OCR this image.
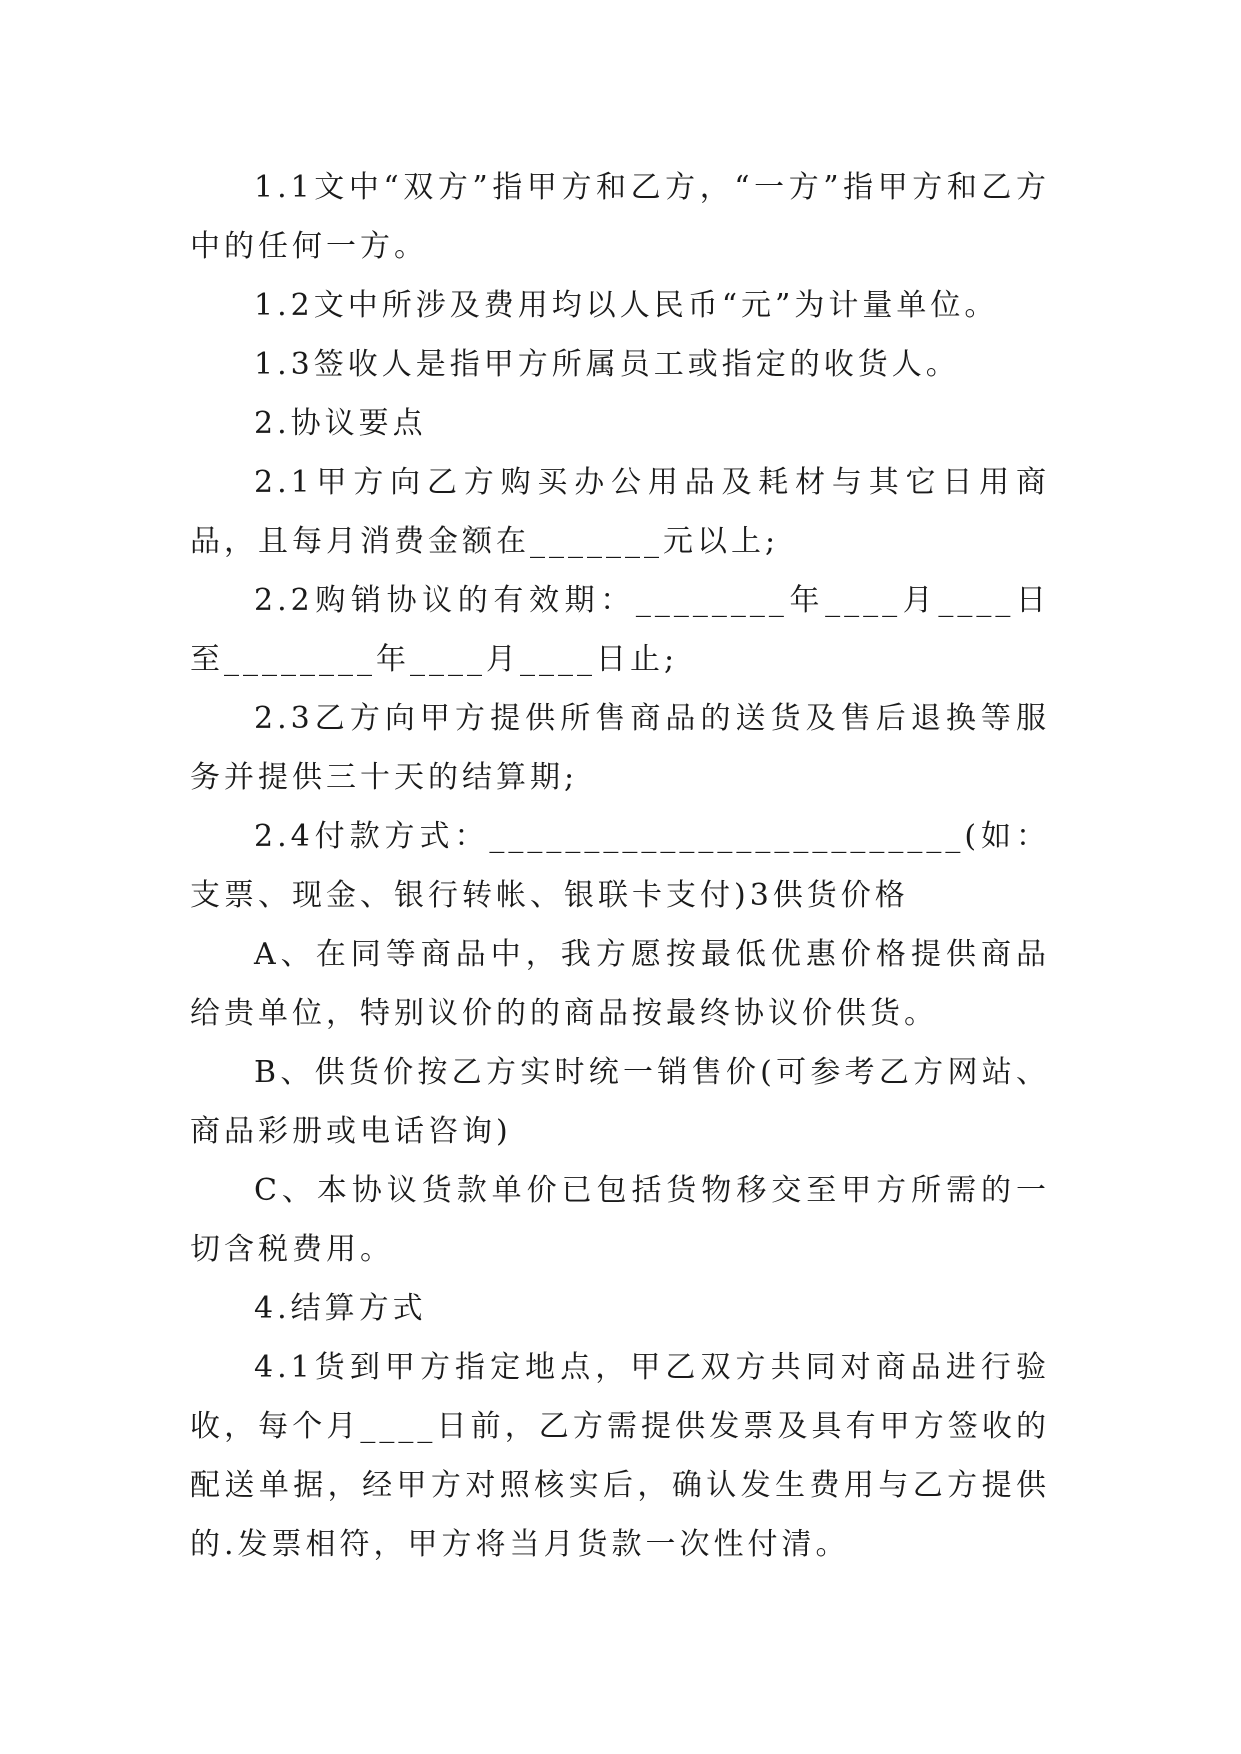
1.1文中“双方”指甲方和乙方，“一方”指甲方和乙方中的任何一方。

1.2文中所涉及费用均以人民币“元”为计量单位。

1.3签收人是指甲方所属员工或指定的收货人。

2.协议要点

2.1甲方向乙方购买办公用品及耗材与其它日用商品，且每月消费金额在_______元以上;

2.2购销协议的有效期：________年____月____日至________年____月____日止;

2.3乙方向甲方提供所售商品的送货及售后退换等服务并提供三十天的结算期;

2.4付款方式：_________________________(如：支票、现金、银行转帐、银联卡支付)3供货价格

A、在同等商品中，我方愿按最低优惠价格提供商品给贵单位，特别议价的的商品按最终协议价供货。

B、供货价按乙方实时统一销售价(可参考乙方网站、商品彩册或电话咨询)

C、本协议货款单价已包括货物移交至甲方所需的一切含税费用。

4.结算方式

4.1货到甲方指定地点，甲乙双方共同对商品进行验收，每个月____日前，乙方需提供发票及具有甲方签收的配送单据，经甲方对照核实后，确认发生费用与乙方提供的.发票相符，甲方将当月货款一次性付清。
